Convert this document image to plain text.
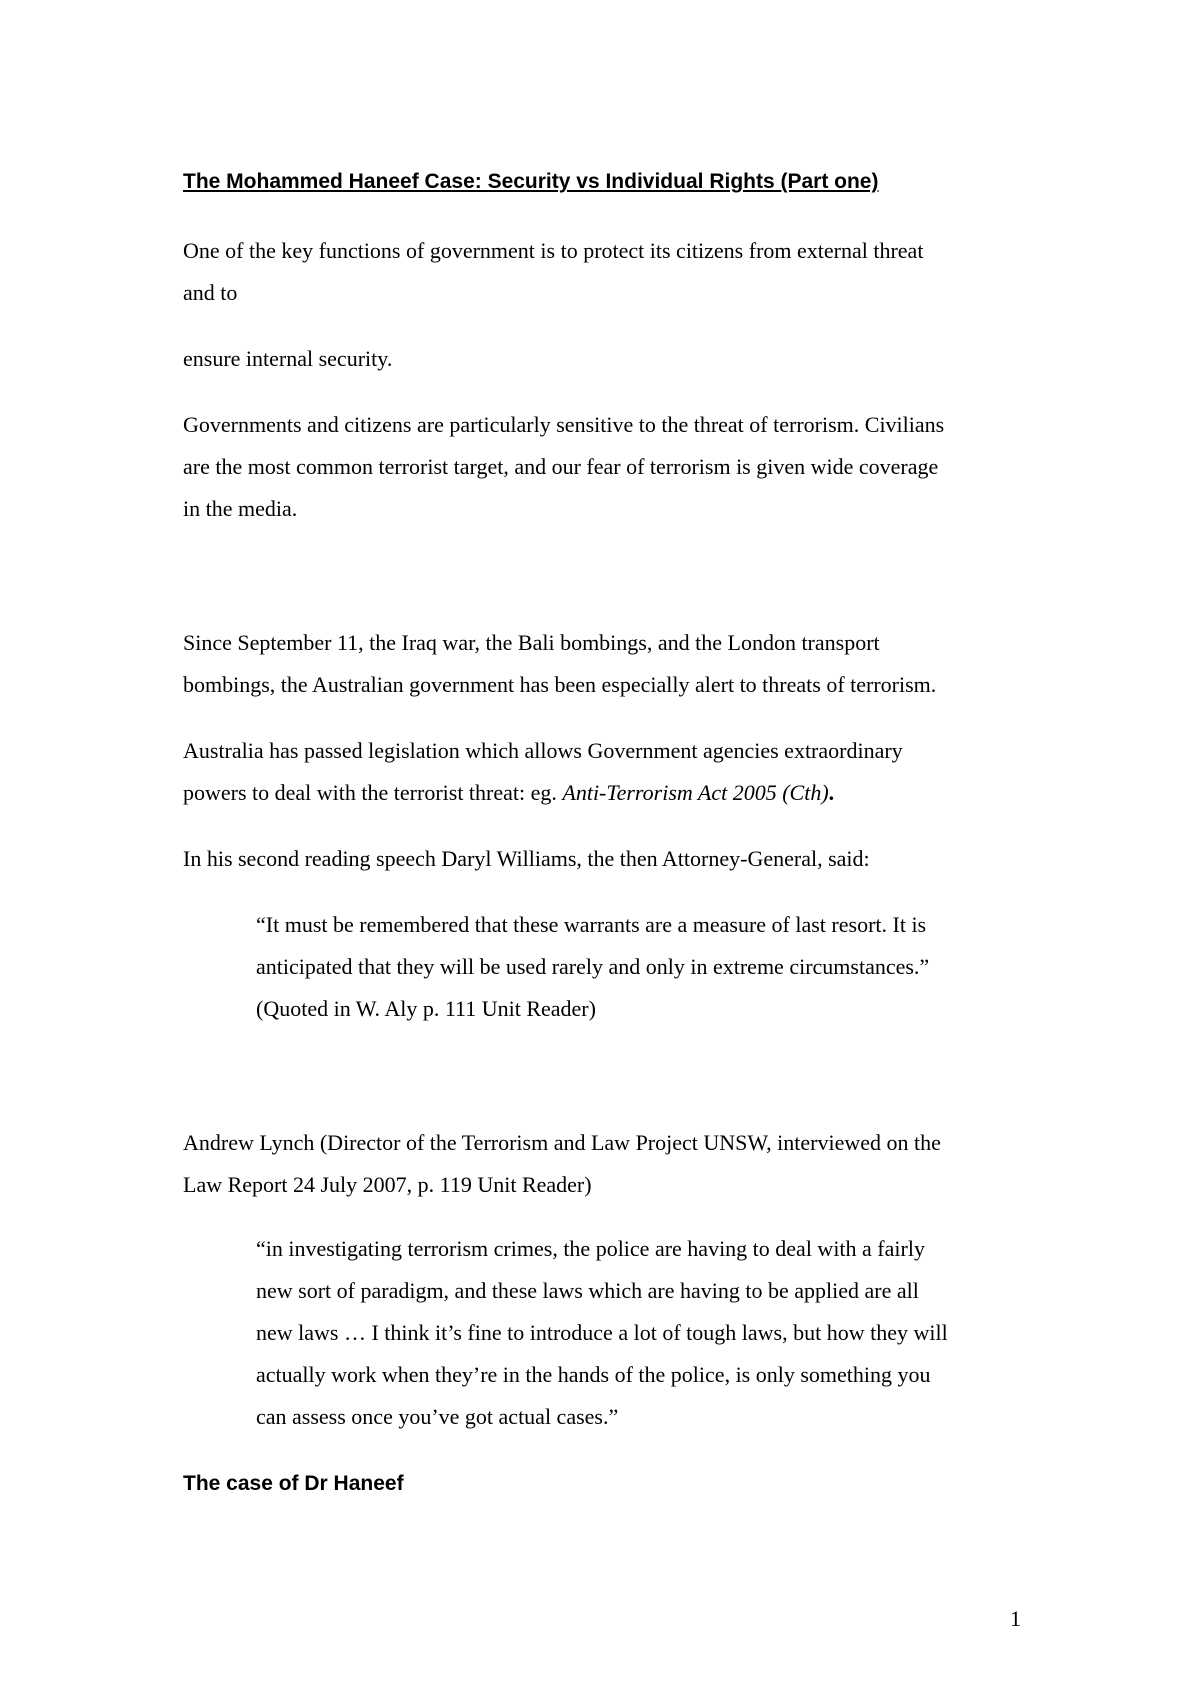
The Mohammed Haneef Case: Security vs Individual Rights (Part one)

One of the key functions of government is to protect its citizens from external threat
and to

ensure internal security.

Governments and citizens are particularly sensitive to the threat of terrorism. Civilians
are the most common terrorist target, and our fear of terrorism is given wide coverage
in the media.

Since September 11, the Iraq war, the Bali bombings, and the London transport
bombings, the Australian government has been especially alert to threats of terrorism.

Australia has passed legislation which allows Government agencies extraordinary
powers to deal with the terrorist threat: eg. Anti-Terrorism Act 2005 (Cth).

In his second reading speech Daryl Williams, the then Attorney-General, said:

“It must be remembered that these warrants are a measure of last resort. It is
anticipated that they will be used rarely and only in extreme circumstances.”
(Quoted in W. Aly p. 111 Unit Reader)

Andrew Lynch (Director of the Terrorism and Law Project UNSW, interviewed on the
Law Report 24 July 2007, p. 119 Unit Reader)

“in investigating terrorism crimes, the police are having to deal with a fairly
new sort of paradigm, and these laws which are having to be applied are all
new laws … I think it’s fine to introduce a lot of tough laws, but how they will
actually work when they’re in the hands of the police, is only something you
can assess once you’ve got actual cases.”

The case of Dr Haneef

1
